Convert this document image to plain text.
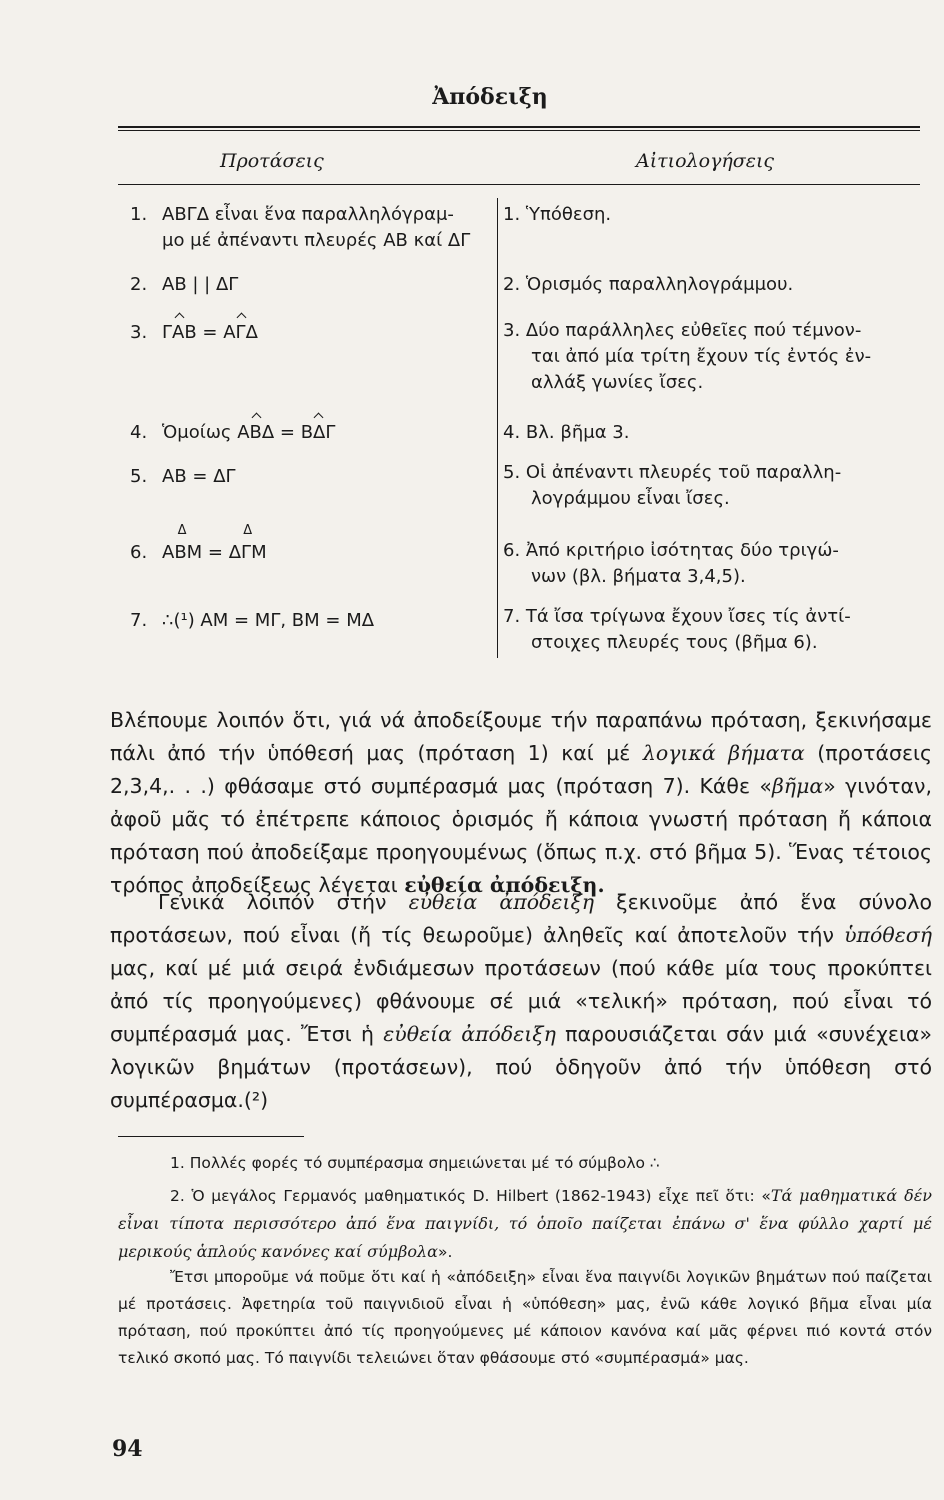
Ἀπόδειξη
Προτάσεις	Αἰτιολογήσεις
1. ΑΒΓΔ εἶναι ἕνα παραλληλόγραμ-
μο μέ ἀπέναντι πλευρές ΑΒ καί ΔΓ
2. ΑΒ | | ΔΓ
3. ΓΑΒ = ΑΓΔ
4. Ὁμοίως ΑΒΔ = ΒΔΓ
5. ΑΒ = ΔΓ
6.Δ ΑΒΜ = Δ ΔΓΜ
7. ∴(¹) ΑΜ = ΜΓ, ΒΜ = ΜΔ
1. Ὑπόθεση.
2. Ὁρισμός παραλληλογράμμου.
3. Δύο παράλληλες εὐθεῖες πού τέμνον-
ται ἀπό μία τρίτη ἔχουν τίς ἐντός ἐν-
αλλάξ γωνίες ἴσες.
4. Βλ. βῆμα 3.
5. Οἱ ἀπέναντι πλευρές τοῦ παραλλη-
λογράμμου εἶναι ἴσες.
6. Ἀπό κριτήριο ἰσότητας δύο τριγώ-
νων (βλ. βήματα 3,4,5).
7. Τά ἴσα τρίγωνα ἔχουν ἴσες τίς ἀντί-
στοιχες πλευρές τους (βῆμα 6).
Βλέπουμε λοιπόν ὅτι, γιά νά ἀποδείξουμε τήν παραπάνω πρόταση, ξεκινήσαμε πάλι ἀπό τήν ὑπόθεσή μας (πρόταση 1) καί μέ λογικά βήματα (προτάσεις 2,3,4,. . .) φθάσαμε στό συμπέρασμά μας (πρόταση 7). Κάθε «βῆμα» γινόταν, ἀφοῦ μᾶς τό ἐπέτρεπε κάποιος ὁρισμός ἤ κάποια γνωστή πρόταση ἤ κάποια πρόταση πού ἀποδείξαμε προηγουμένως (ὅπως π.χ. στό βῆμα 5). Ἕνας τέτοιος τρόπος ἀποδείξεως λέγεται εὐθεία ἀπόδειξη.
Γενικά λοιπόν στήν εὐθεία ἀπόδειξη ξεκινοῦμε ἀπό ἕνα σύνολο προτάσεων, πού εἶναι (ἤ τίς θεωροῦμε) ἀληθεῖς καί ἀποτελοῦν τήν ὑπόθεσή μας, καί μέ μιά σειρά ἐνδιάμεσων προτάσεων (πού κάθε μία τους προκύπτει ἀπό τίς προηγούμενες) φθάνουμε σέ μιά «τελική» πρόταση, πού εἶναι τό συμπέρασμά μας. Ἔτσι ἡ εὐθεία ἀπόδειξη παρουσιάζεται σάν μιά «συνέχεια» λογικῶν βημάτων (προτάσεων), πού ὁδηγοῦν ἀπό τήν ὑπόθεση στό συμπέρασμα.(²)
1. Πολλές φορές τό συμπέρασμα σημειώνεται μέ τό σύμβολο ∴
2. Ὁ μεγάλος Γερμανός μαθηματικός D. Hilbert (1862-1943) εἶχε πεῖ ὅτι: «Τά μαθηματικά δέν εἶναι τίποτα περισσότερο ἀπό ἕνα παιγνίδι, τό ὁποῖο παίζεται ἐπάνω σ' ἕνα φύλλο χαρτί μέ μερικούς ἁπλούς κανόνες καί σύμβολα».
Ἔτσι μποροῦμε νά ποῦμε ὅτι καί ἡ «ἀπόδειξη» εἶναι ἕνα παιγνίδι λογικῶν βημάτων πού παίζεται μέ προτάσεις. Ἀφετηρία τοῦ παιγνιδιοῦ εἶναι ἡ «ὑπόθεση» μας, ἐνῶ κάθε λογικό βῆμα εἶναι μία πρόταση, πού προκύπτει ἀπό τίς προηγούμενες μέ κάποιον κανόνα καί μᾶς φέρνει πιό κοντά στόν τελικό σκοπό μας. Τό παιγνίδι τελειώνει ὅταν φθάσουμε στό «συμπέρασμά» μας.
94
